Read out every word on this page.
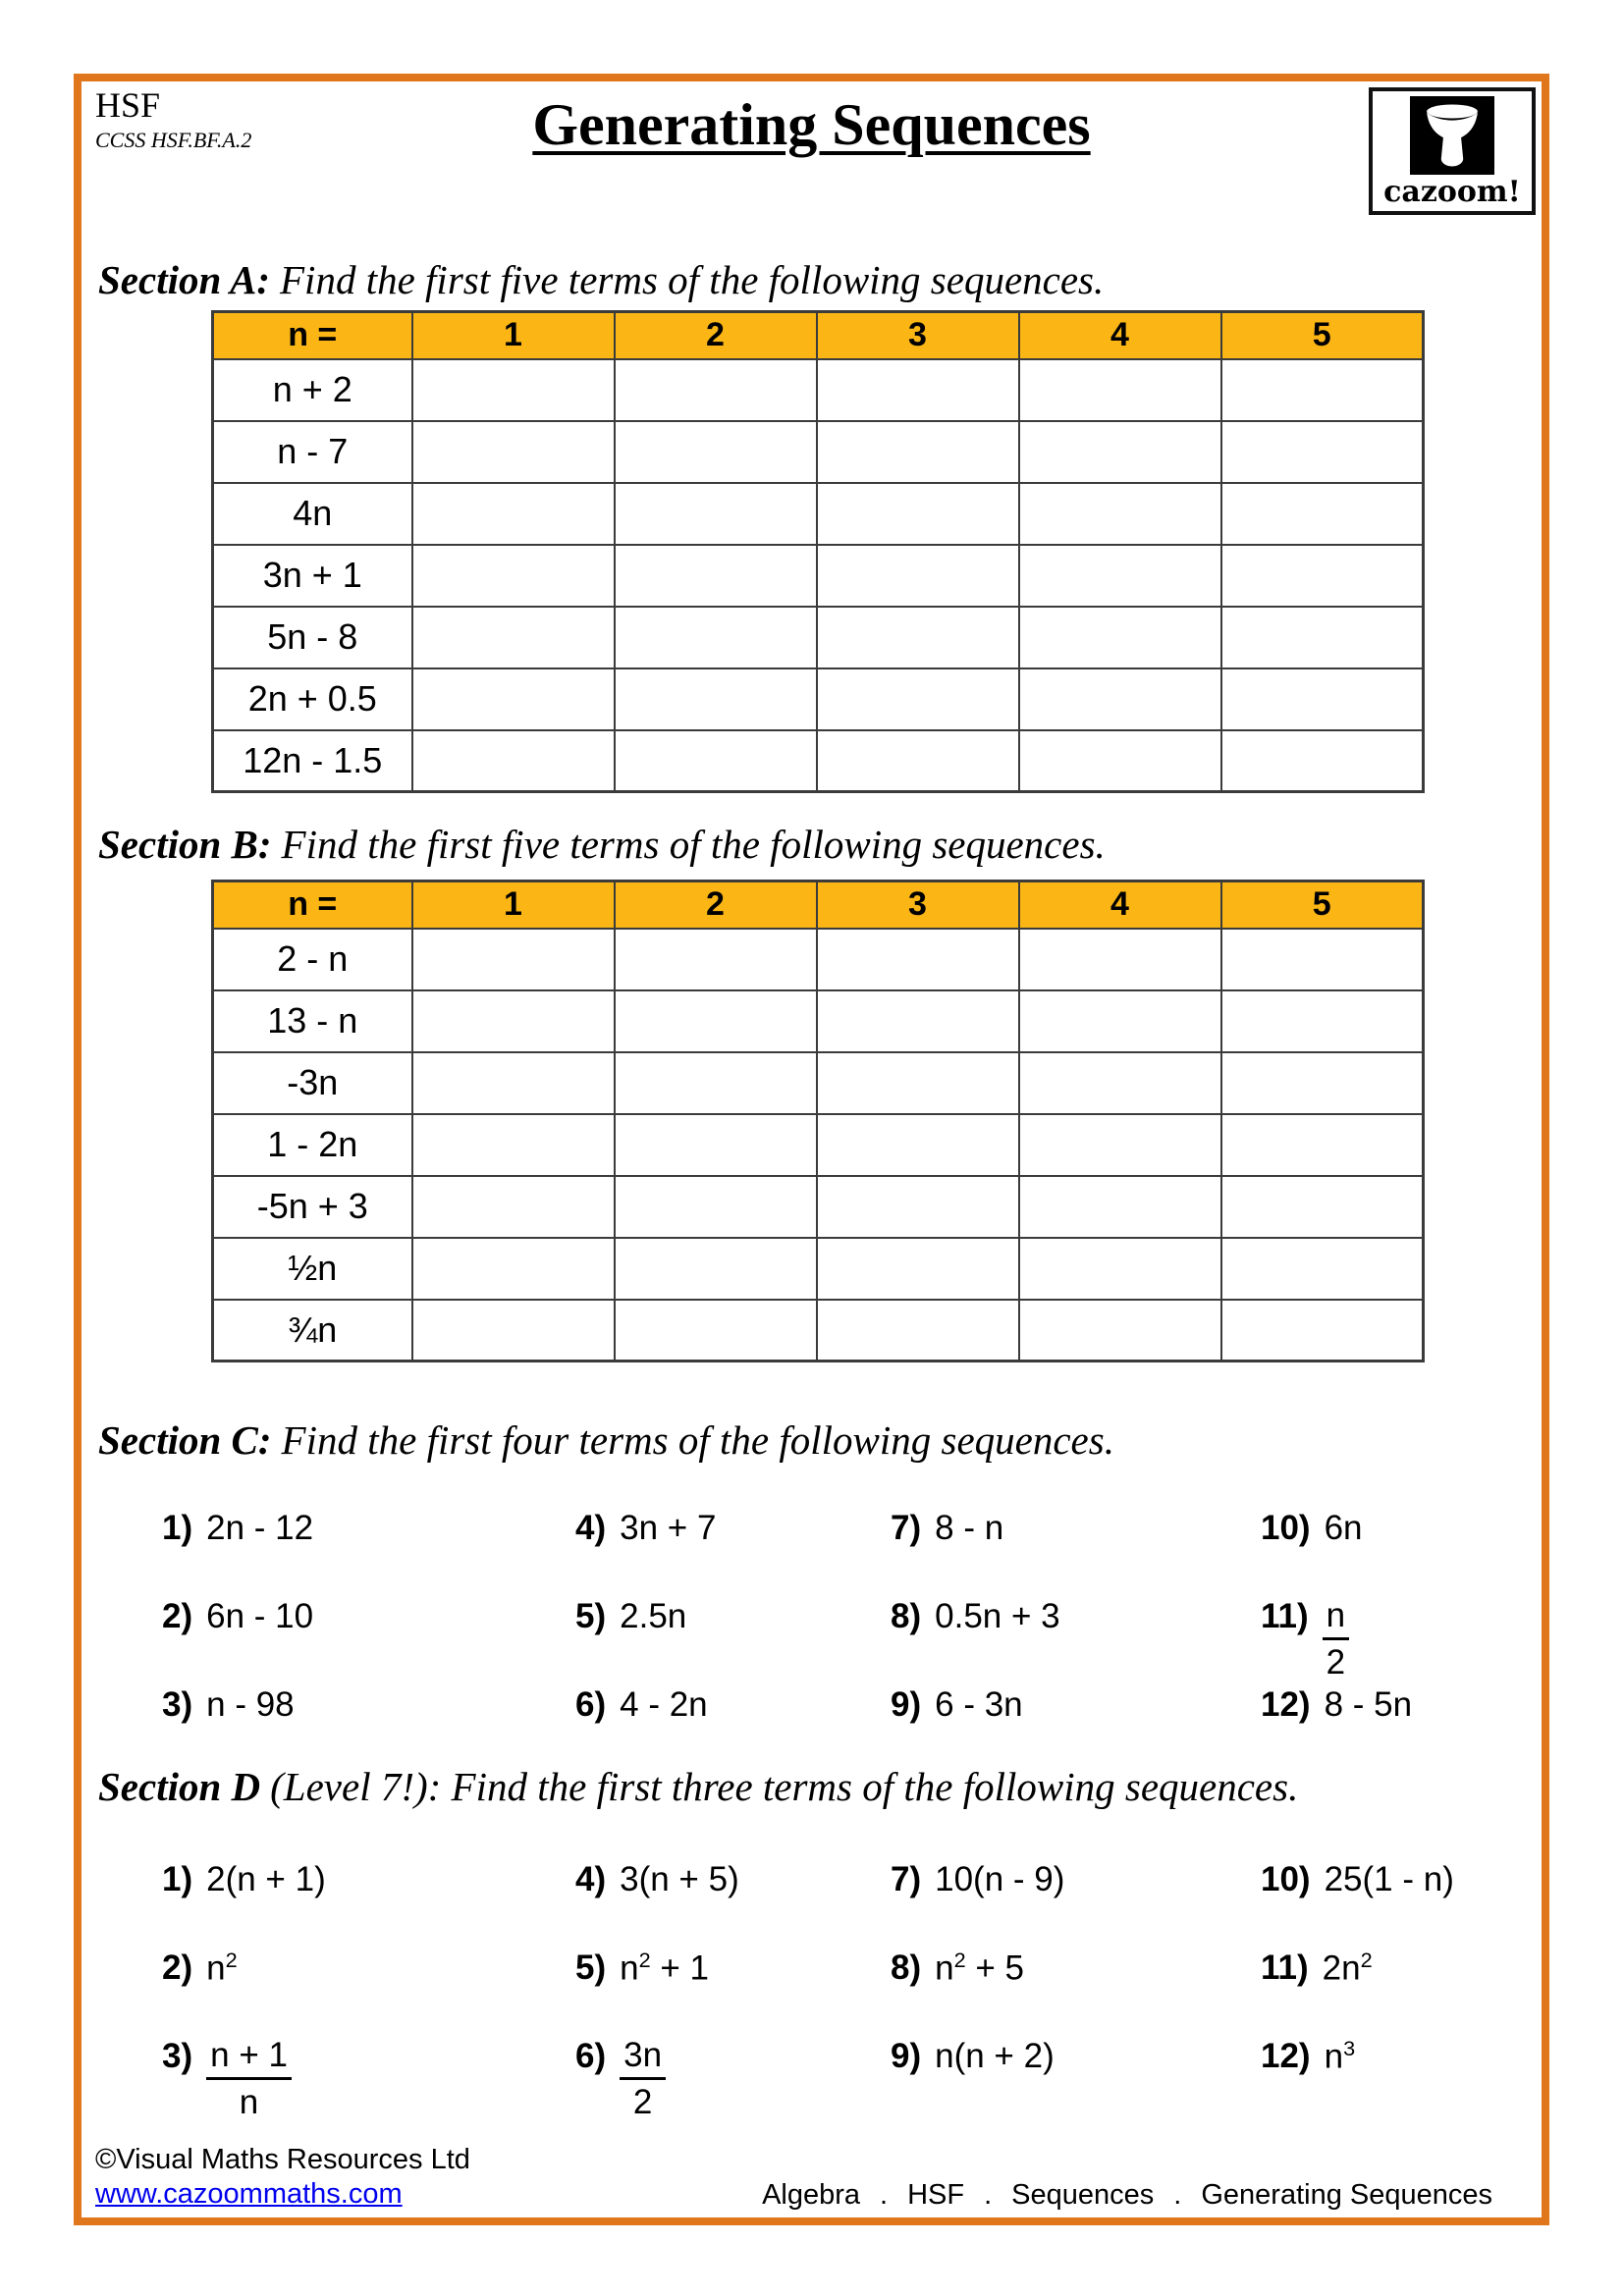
HSF
CCSS HSF.BF.A.2	Generating Sequences
cazoom!
Section A: Find the first five terms of the following sequences.
n =	1	2	3	4	5
n + 2					
n - 7					
4n					
3n + 1					
5n - 8					
2n + 0.5					
12n - 1.5					
Section B: Find the first five terms of the following sequences.
n =	1	2	3	4	5
2 - n					
13 - n					
-3n					
1 - 2n					
-5n + 3					
½n					
¾n					
Section C: Find the first four terms of the following sequences.
1) 2n - 12	4) 3n + 7	7) 8 - n	10) 6n
2) 6n - 10	5) 2.5n	8) 0.5n + 3	$11) \frac{n}{2}$
3) n - 98	6) 4 - 2n	9) 6 - 3n	12) 8 - 5n
Section D (Level 7!): Find the first three terms of the following sequences.
1) 2(n + 1)	4) 3(n + 5)	7) 10(n - 9)	10) 25(1 - n)
2) $n^2$	5) $n^2 + 1$	8) $n^2 + 5$	11) $2n^2$
$3) \frac{n + 1}{n}$	$6) \frac{3n}{2}$	9) n(n + 2)	12) $n^3$
©Visual Maths Resources Ltd
www.cazoommaths.com	Algebra . HSF . Sequences . Generating Sequences
